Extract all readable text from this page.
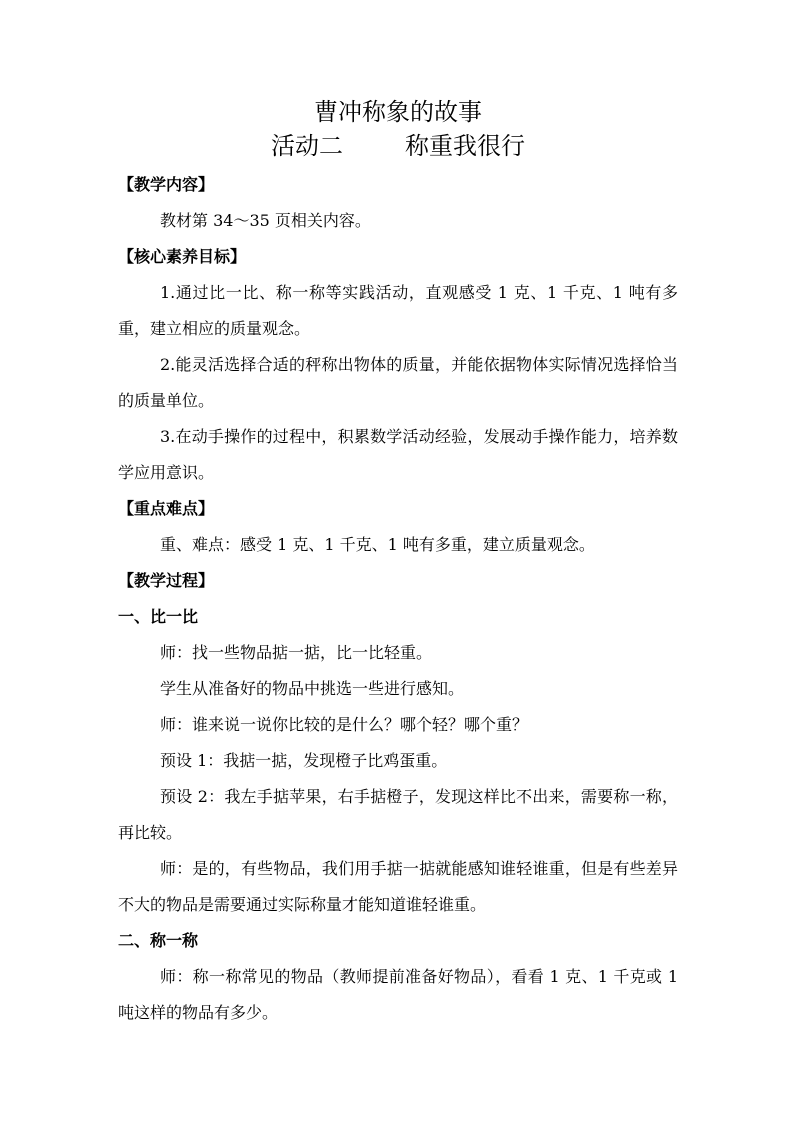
曹冲称象的故事

活动二	称重我很行

【教学内容】

教材第 34～35 页相关内容。

【核心素养目标】

1.通过比一比、称一称等实践活动，直观感受 1 克、1 千克、1 吨有多重，建立相应的质量观念。

2.能灵活选择合适的秤称出物体的质量，并能依据物体实际情况选择恰当的质量单位。

3.在动手操作的过程中，积累数学活动经验，发展动手操作能力，培养数学应用意识。

【重点难点】

重、难点：感受 1 克、1 千克、1 吨有多重，建立质量观念。

【教学过程】

一、比一比

师：找一些物品掂一掂，比一比轻重。

学生从准备好的物品中挑选一些进行感知。

师：谁来说一说你比较的是什么？哪个轻？哪个重？

预设 1：我掂一掂，发现橙子比鸡蛋重。

预设 2：我左手掂苹果，右手掂橙子，发现这样比不出来，需要称一称，再比较。

师：是的，有些物品，我们用手掂一掂就能感知谁轻谁重，但是有些差异不大的物品是需要通过实际称量才能知道谁轻谁重。

二、称一称

师：称一称常见的物品（教师提前准备好物品），看看 1 克、1 千克或 1 吨这样的物品有多少。
